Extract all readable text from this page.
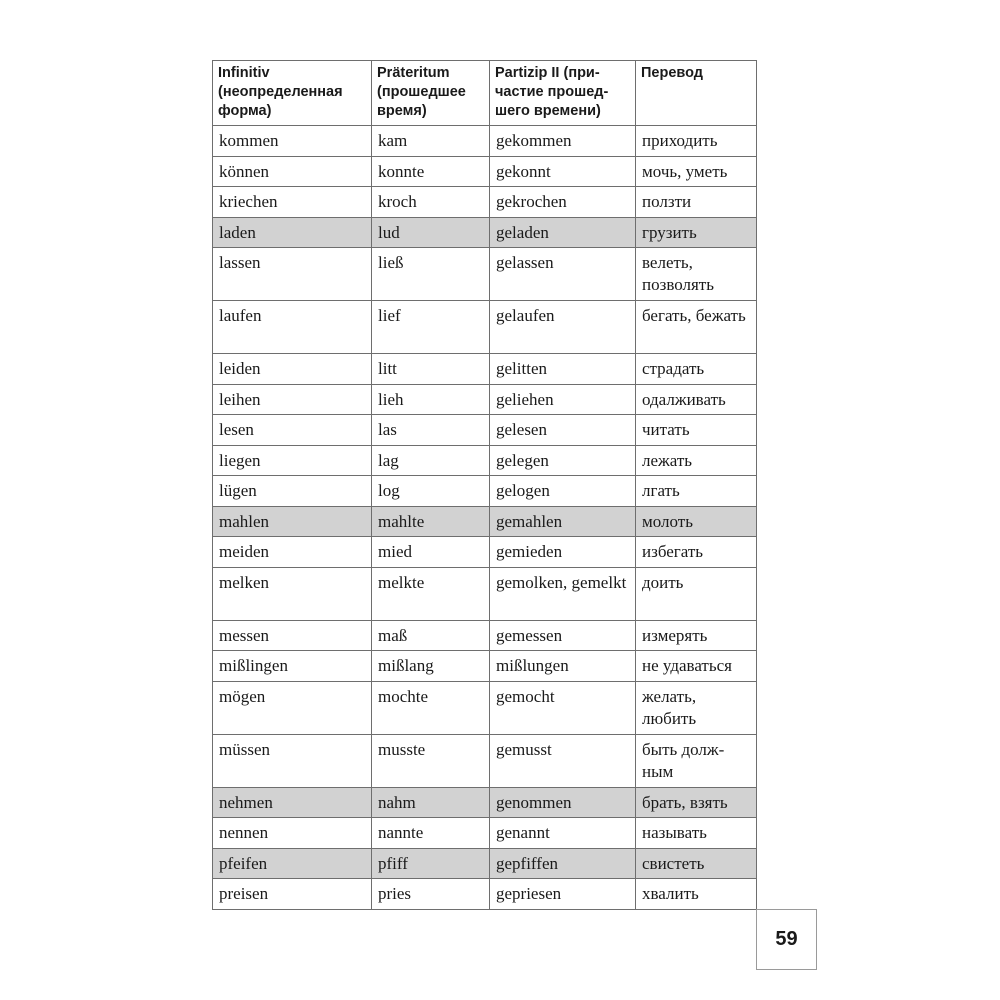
Infinitiv (неопределенная форма)	Präteritum (прошедшее время)	Partizip II (при-частие прошед-шего времени)	Перевод
kommen	kam	gekommen	приходить
können	konnte	gekonnt	мочь, уметь
kriechen	kroch	gekrochen	ползти
laden	lud	geladen	грузить
lassen	ließ	gelassen	велеть, позволять
laufen	lief	gelaufen	бегать, бежать
leiden	litt	gelitten	страдать
leihen	lieh	geliehen	одалживать
lesen	las	gelesen	читать
liegen	lag	gelegen	лежать
lügen	log	gelogen	лгать
mahlen	mahlte	gemahlen	молоть
meiden	mied	gemieden	избегать
melken	melkte	gemolken, gemelkt	доить
messen	maß	gemessen	измерять
mißlingen	mißlang	mißlungen	не удаваться
mögen	mochte	gemocht	желать, любить
müssen	musste	gemusst	быть долж-ным
nehmen	nahm	genommen	брать, взять
nennen	nannte	genannt	называть
pfeifen	pfiff	gepfiffen	свистеть
preisen	pries	gepriesen	хвалить
59
